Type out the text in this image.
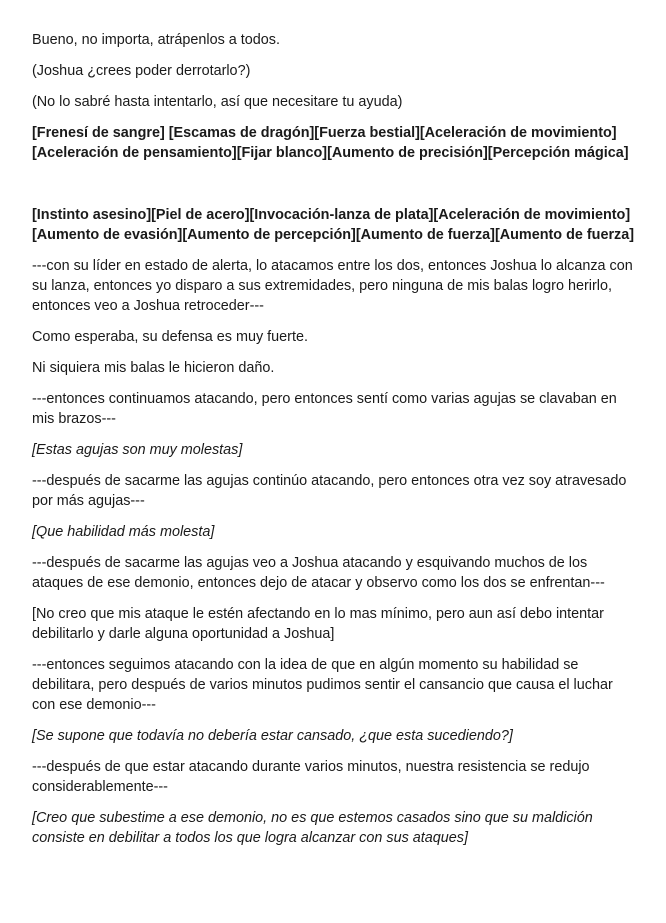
Bueno, no importa, atrápenlos a todos.

(Joshua ¿crees poder derrotarlo?)

(No lo sabré hasta intentarlo, así que necesitare tu ayuda)

[Frenesí de sangre] [Escamas de dragón][Fuerza bestial][Aceleración de movimiento][Aceleración de pensamiento][Fijar blanco][Aumento de precisión][Percepción mágica]

[Instinto asesino][Piel de acero][Invocación-lanza de plata][Aceleración de movimiento][Aumento de evasión][Aumento de percepción][Aumento de fuerza][Aumento de fuerza]

---con su líder en estado de alerta, lo atacamos entre los dos, entonces Joshua lo alcanza con su lanza, entonces yo disparo a sus extremidades, pero ninguna de mis balas logro herirlo, entonces veo a Joshua retroceder---

Como esperaba, su defensa es muy fuerte.

Ni siquiera mis balas le hicieron daño.

---entonces continuamos atacando, pero entonces sentí como varias agujas se clavaban en mis brazos---

[Estas agujas son muy molestas]

---después de sacarme las agujas continúo atacando, pero entonces otra vez soy atravesado por más agujas---

[Que habilidad más molesta]

---después de sacarme las agujas veo a Joshua atacando y esquivando muchos de los ataques de ese demonio, entonces dejo de atacar y observo como los dos se enfrentan---

[No creo que mis ataque le estén afectando en lo mas mínimo, pero aun así debo intentar debilitarlo y darle alguna oportunidad a Joshua]

---entonces seguimos atacando con la idea de que en algún momento su habilidad se debilitara, pero después de varios minutos pudimos sentir el cansancio que causa el luchar con ese demonio---

[Se supone que todavía no debería estar cansado, ¿que esta sucediendo?]

---después de que estar atacando durante varios minutos, nuestra resistencia se redujo considerablemente---

[Creo que subestime a ese demonio, no es que estemos casados sino que su maldición consiste en debilitar a todos los que logra alcanzar con sus ataques]
